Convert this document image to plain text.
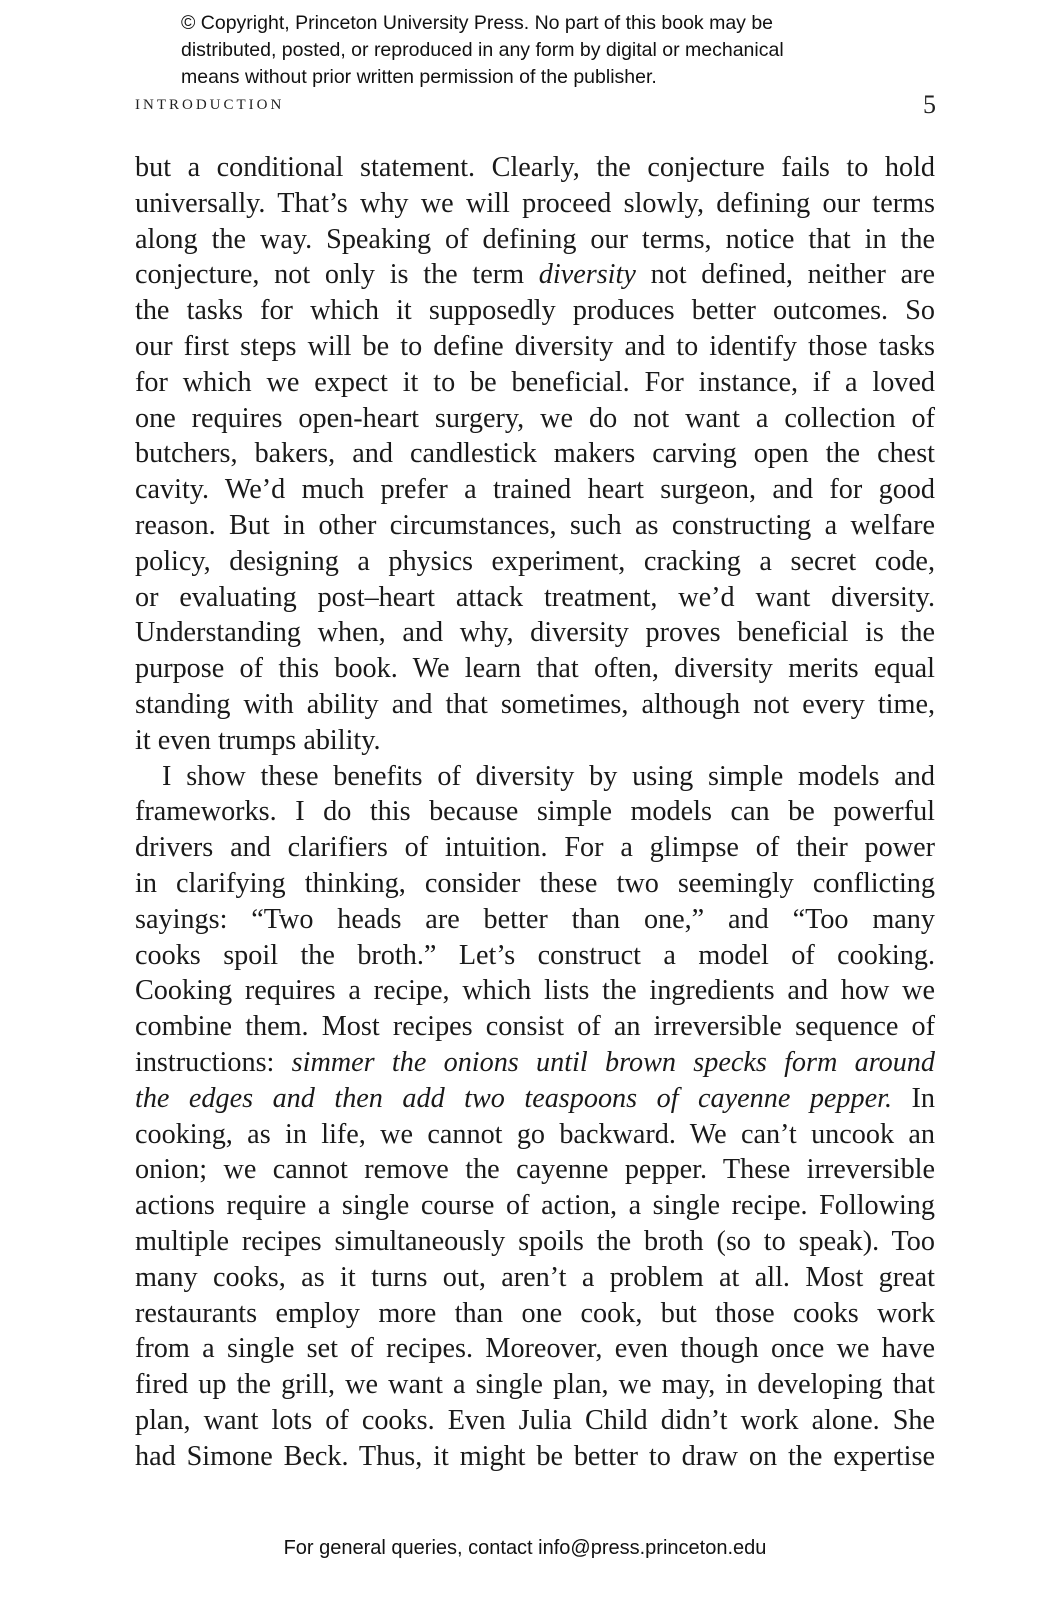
© Copyright, Princeton University Press. No part of this book may be
distributed, posted, or reproduced in any form by digital or mechanical
means without prior written permission of the publisher.
INTRODUCTION	5
but a conditional statement. Clearly, the conjecture fails to hold
universally. That’s why we will proceed slowly, defining our terms
along the way. Speaking of defining our terms, notice that in the
conjecture, not only is the term diversity not defined, neither are
the tasks for which it supposedly produces better outcomes. So
our first steps will be to define diversity and to identify those tasks
for which we expect it to be beneficial. For instance, if a loved
one requires open-heart surgery, we do not want a collection of
butchers, bakers, and candlestick makers carving open the chest
cavity. We’d much prefer a trained heart surgeon, and for good
reason. But in other circumstances, such as constructing a welfare
policy, designing a physics experiment, cracking a secret code,
or evaluating post–heart attack treatment, we’d want diversity.
Understanding when, and why, diversity proves beneficial is the
purpose of this book. We learn that often, diversity merits equal
standing with ability and that sometimes, although not every time,
it even trumps ability.
I show these benefits of diversity by using simple models and
frameworks. I do this because simple models can be powerful
drivers and clarifiers of intuition. For a glimpse of their power
in clarifying thinking, consider these two seemingly conflicting
sayings: “Two heads are better than one,” and “Too many
cooks spoil the broth.” Let’s construct a model of cooking.
Cooking requires a recipe, which lists the ingredients and how we
combine them. Most recipes consist of an irreversible sequence of
instructions: simmer the onions until brown specks form around
the edges and then add two teaspoons of cayenne pepper. In
cooking, as in life, we cannot go backward. We can’t uncook an
onion; we cannot remove the cayenne pepper. These irreversible
actions require a single course of action, a single recipe. Following
multiple recipes simultaneously spoils the broth (so to speak). Too
many cooks, as it turns out, aren’t a problem at all. Most great
restaurants employ more than one cook, but those cooks work
from a single set of recipes. Moreover, even though once we have
fired up the grill, we want a single plan, we may, in developing that
plan, want lots of cooks. Even Julia Child didn’t work alone. She
had Simone Beck. Thus, it might be better to draw on the expertise
For general queries, contact info@press.princeton.edu
